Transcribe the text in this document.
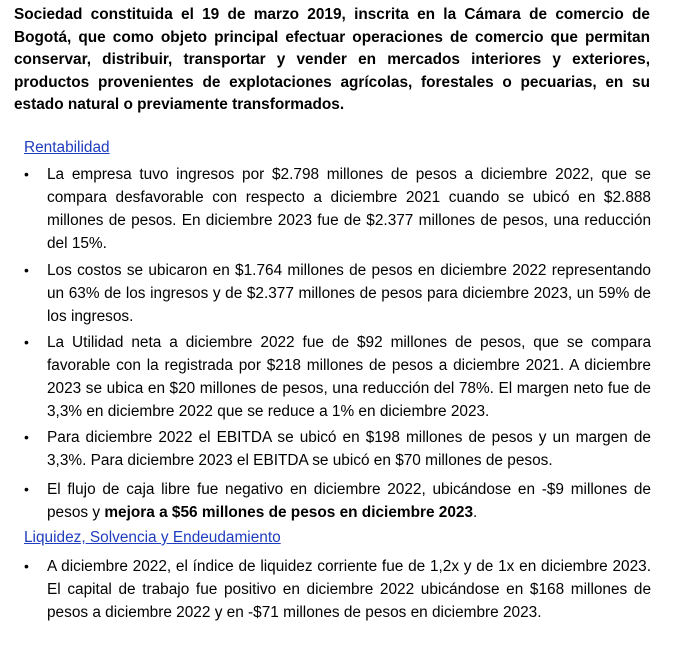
Sociedad constituida el 19 de marzo 2019, inscrita en la Cámara de comercio de Bogotá, que como objeto principal efectuar operaciones de comercio que permitan conservar, distribuir, transportar y vender en mercados interiores y exteriores, productos provenientes de explotaciones agrícolas, forestales o pecuarias, en su estado natural o previamente transformados.

Rentabilidad

• La empresa tuvo ingresos por $2.798 millones de pesos a diciembre 2022, que se compara desfavorable con respecto a diciembre 2021 cuando se ubicó en $2.888 millones de pesos. En diciembre 2023 fue de $2.377 millones de pesos, una reducción del 15%.

• Los costos se ubicaron en $1.764 millones de pesos en diciembre 2022 representando un 63% de los ingresos y de $2.377 millones de pesos para diciembre 2023, un 59% de los ingresos.

• La Utilidad neta a diciembre 2022 fue de $92 millones de pesos, que se compara favorable con la registrada por $218 millones de pesos a diciembre 2021. A diciembre 2023 se ubica en $20 millones de pesos, una reducción del 78%. El margen neto fue de 3,3% en diciembre 2022 que se reduce a 1% en diciembre 2023.

• Para diciembre 2022 el EBITDA se ubicó en $198 millones de pesos y un margen de 3,3%. Para diciembre 2023 el EBITDA se ubicó en $70 millones de pesos.

• El flujo de caja libre fue negativo en diciembre 2022, ubicándose en -$9 millones de pesos y mejora a $56 millones de pesos en diciembre 2023.

Liquidez, Solvencia y Endeudamiento

• A diciembre 2022, el índice de liquidez corriente fue de 1,2x y de 1x en diciembre 2023. El capital de trabajo fue positivo en diciembre 2022 ubicándose en $168 millones de pesos a diciembre 2022 y en -$71 millones de pesos en diciembre 2023.
